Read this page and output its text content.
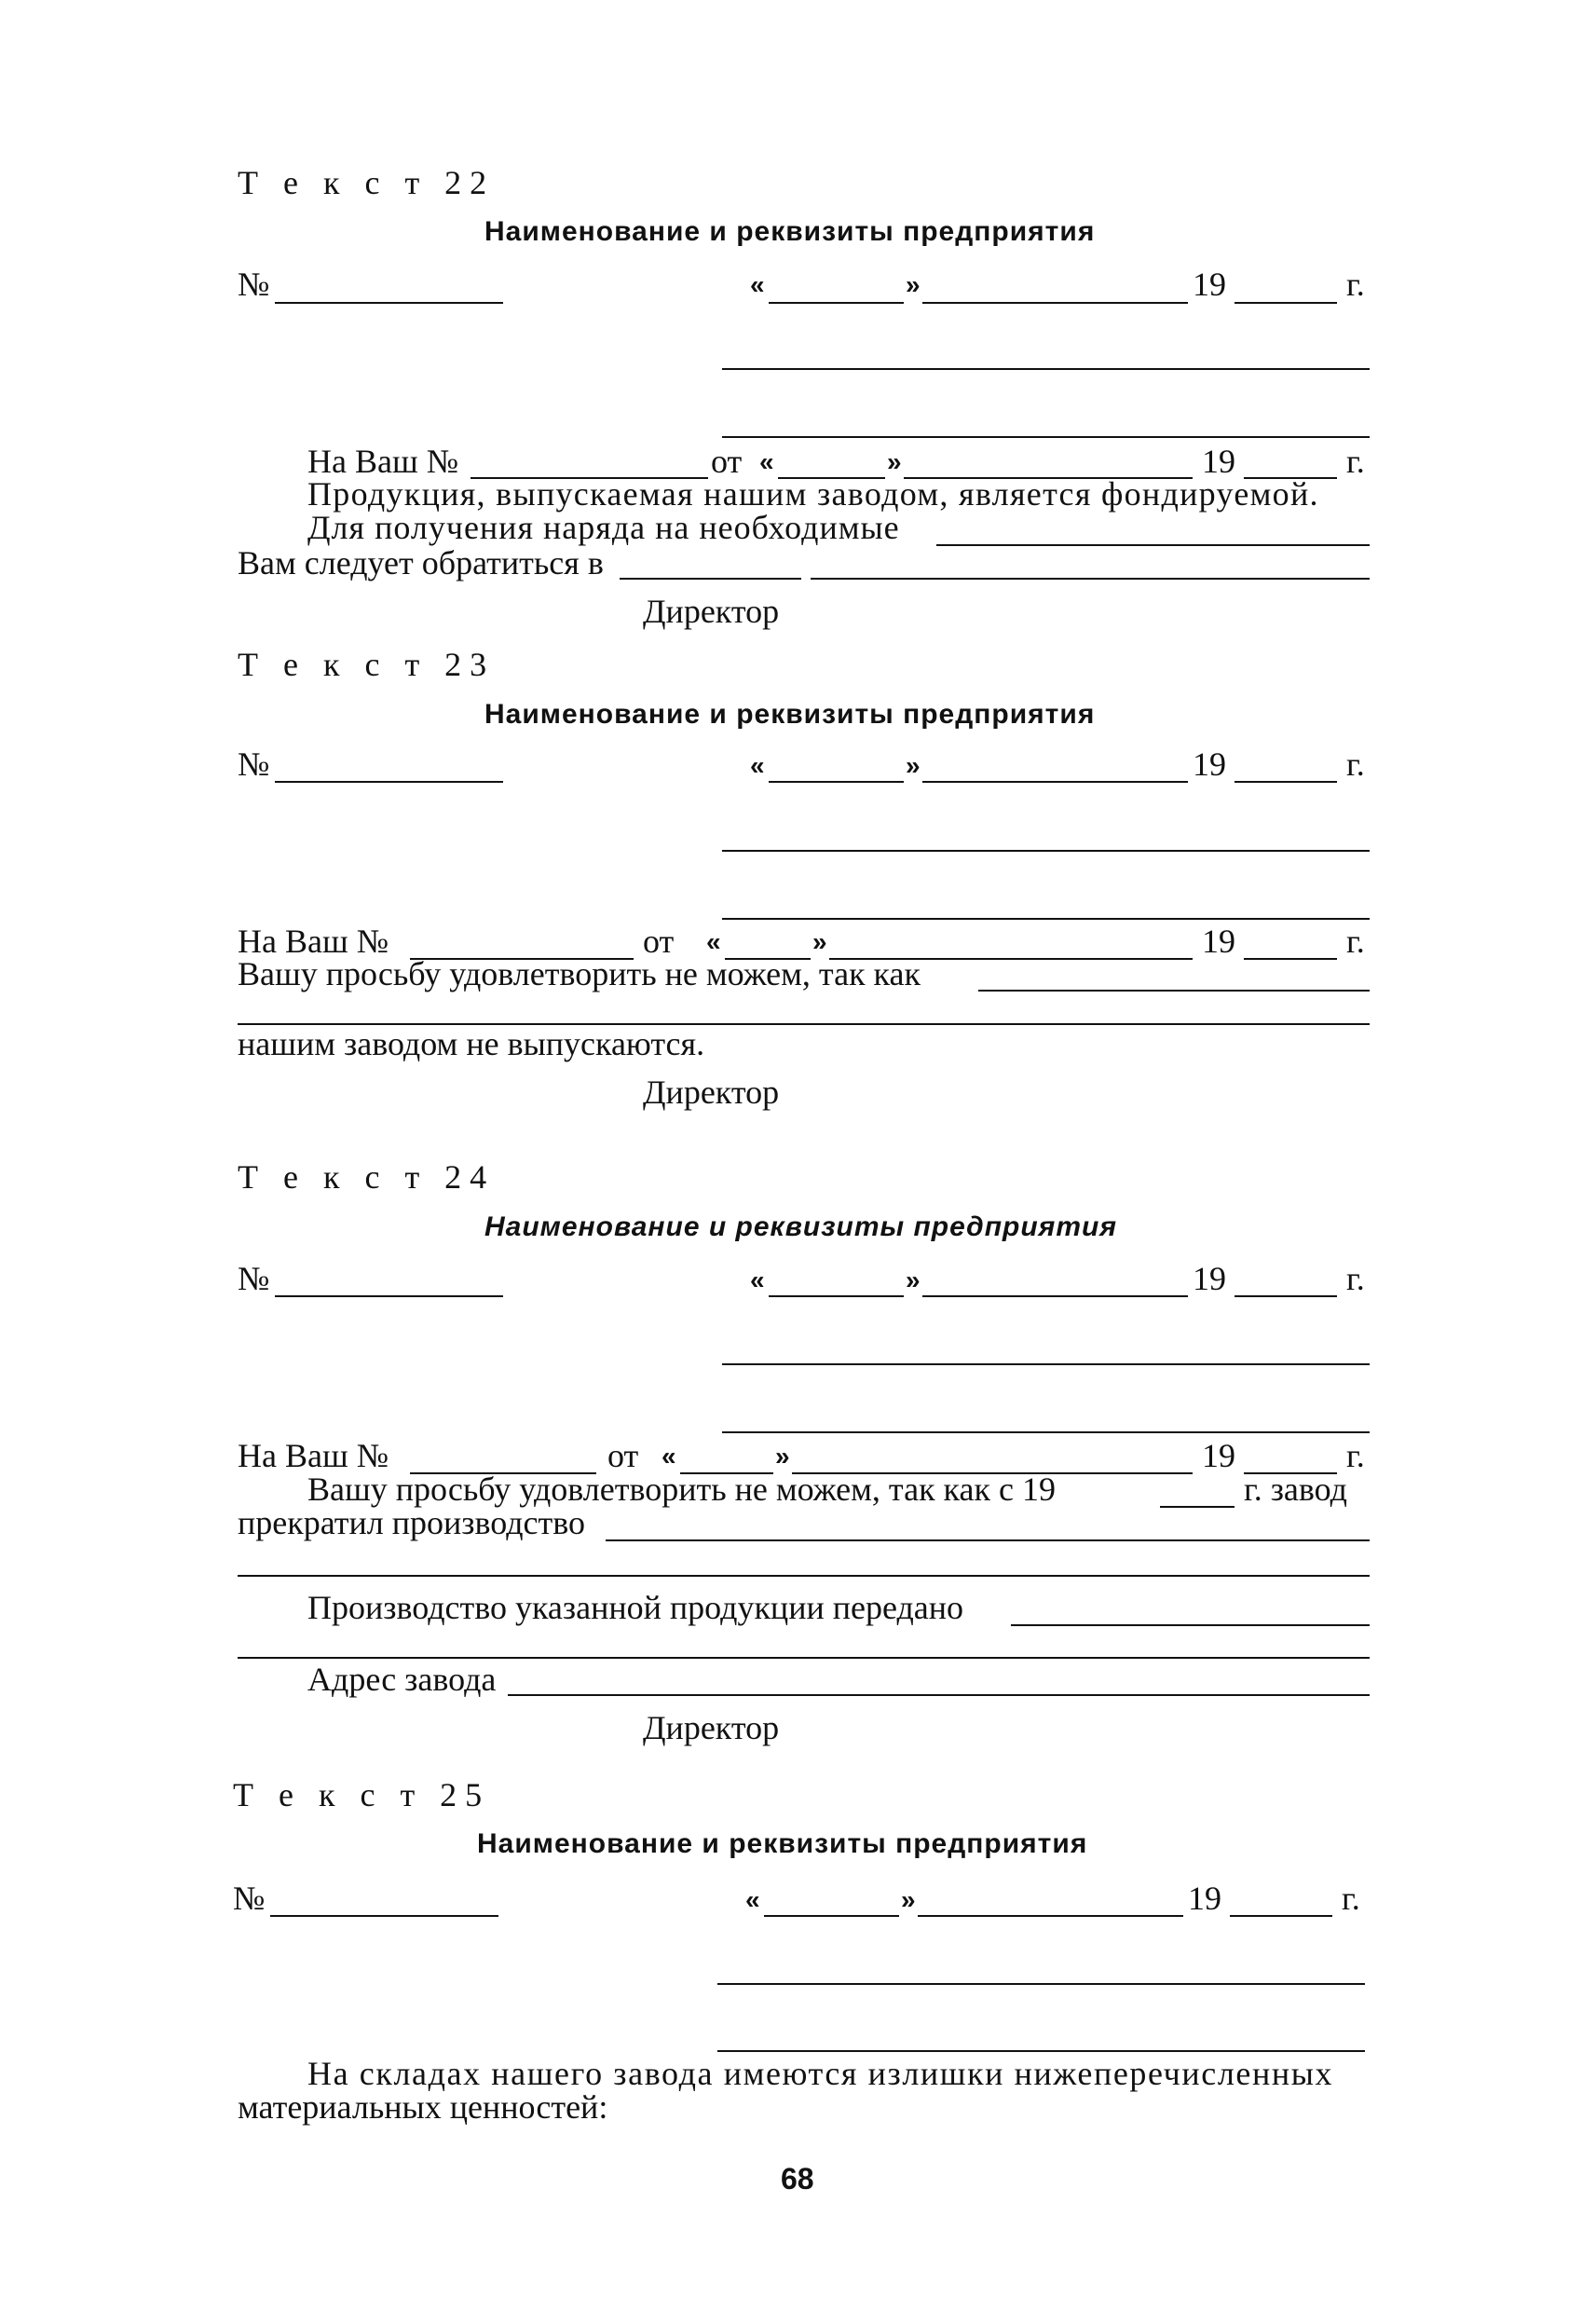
Т е к с т 22
Наименование и реквизиты предприятия
№	«	»	19	г.
На Ваш №	от «	»	19	г.
Продукция, выпускаемая нашим заводом, является фондируемой.
Для получения наряда на необходимые
Вам следует обратиться в
Директор
Т е к с т 23
Наименование и реквизиты предприятия
№	«	»	19	г.
На Ваш №	от «	»	19	г.
Вашу просьбу удовлетворить не можем, так как
нашим заводом не выпускаются.
Директор
Т е к с т 24
Наименование и реквизиты предприятия
№	«	»	19	г.
На Ваш №	от «	»	19	г.
Вашу просьбу удовлетворить не можем, так как с 19	г. завод
прекратил производство
Производство указанной продукции передано
Адрес завода
Директор
Т е к с т 25
Наименование и реквизиты предприятия
№	«	»	19	г.
На складах нашего завода имеются излишки нижеперечисленных
материальных ценностей:
68
